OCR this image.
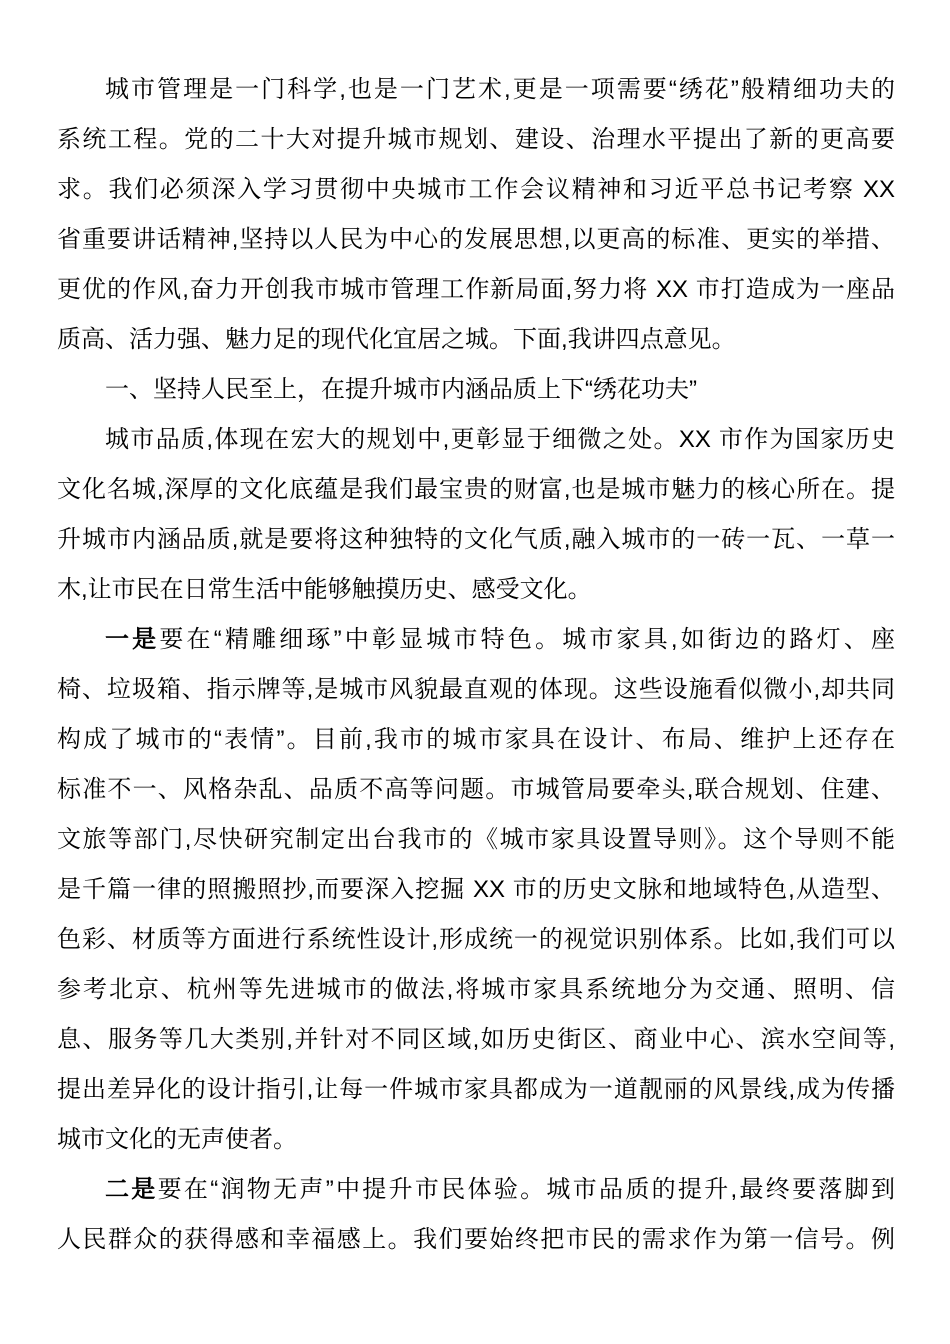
城市管理是一门科学,也是一门艺术,更是一项需要“绣花”般精细功夫的
系统工程。党的二十大对提升城市规划、建设、治理水平提出了新的更高要
求。我们必须深入学习贯彻中央城市工作会议精神和习近平总书记考察 XX
省重要讲话精神,坚持以人民为中心的发展思想,以更高的标准、更实的举措、
更优的作风,奋力开创我市城市管理工作新局面,努力将 XX 市打造成为一座品
质高、活力强、魅力足的现代化宜居之城。下面,我讲四点意见。
一、坚持人民至上，在提升城市内涵品质上下“绣花功夫”
城市品质,体现在宏大的规划中,更彰显于细微之处。XX 市作为国家历史
文化名城,深厚的文化底蕴是我们最宝贵的财富,也是城市魅力的核心所在。提
升城市内涵品质,就是要将这种独特的文化气质,融入城市的一砖一瓦、一草一
木,让市民在日常生活中能够触摸历史、感受文化。
一是要在“精雕细琢”中彰显城市特色。城市家具,如街边的路灯、座
椅、垃圾箱、指示牌等,是城市风貌最直观的体现。这些设施看似微小,却共同
构成了城市的“表情”。目前,我市的城市家具在设计、布局、维护上还存在
标准不一、风格杂乱、品质不高等问题。市城管局要牵头,联合规划、住建、
文旅等部门,尽快研究制定出台我市的《城市家具设置导则》。这个导则不能
是千篇一律的照搬照抄,而要深入挖掘 XX 市的历史文脉和地域特色,从造型、
色彩、材质等方面进行系统性设计,形成统一的视觉识别体系。比如,我们可以
参考北京、杭州等先进城市的做法,将城市家具系统地分为交通、照明、信
息、服务等几大类别,并针对不同区域,如历史街区、商业中心、滨水空间等,
提出差异化的设计指引,让每一件城市家具都成为一道靓丽的风景线,成为传播
城市文化的无声使者。
二是要在“润物无声”中提升市民体验。城市品质的提升,最终要落脚到
人民群众的获得感和幸福感上。我们要始终把市民的需求作为第一信号。例
